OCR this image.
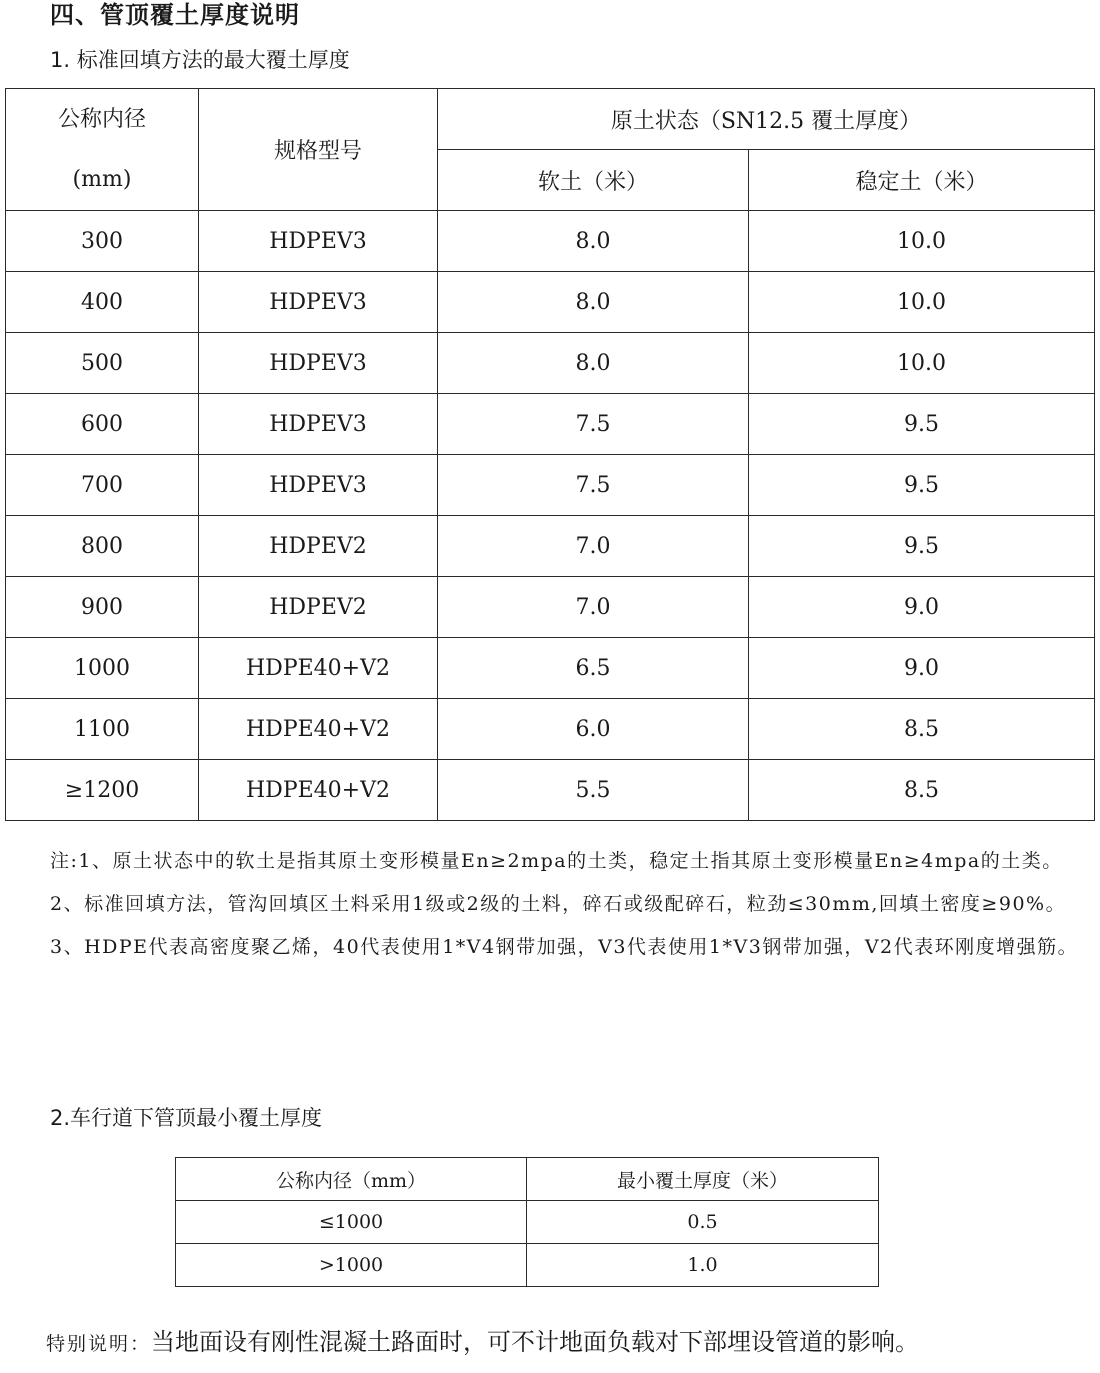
四、管顶覆土厚度说明
1. 标准回填方法的最大覆土厚度
公称内径
(mm)	规格型号	原土状态（SN12.5 覆土厚度）	
		软土（米）	稳定土（米）
300	HDPEV3	8.0	10.0
400	HDPEV3	8.0	10.0
500	HDPEV3	8.0	10.0
600	HDPEV3	7.5	9.5
700	HDPEV3	7.5	9.5
800	HDPEV2	7.0	9.5
900	HDPEV2	7.0	9.0
1000	HDPE40+V2	6.5	9.0
1100	HDPE40+V2	6.0	8.5
≥1200	HDPE40+V2	5.5	8.5

注:1、原土状态中的软土是指其原土变形模量En≥2mpa的土类，稳定土指其原土变形模量En≥4mpa的土类。

2、标准回填方法，管沟回填区土料采用1级或2级的土料，碎石或级配碎石，粒劲≤30mm,回填土密度≥90%。

3、HDPE代表高密度聚乙烯，40代表使用1*V4钢带加强，V3代表使用1*V3钢带加强，V2代表环刚度增强筋。

2.车行道下管顶最小覆土厚度
公称内径（mm）	最小覆土厚度（米）
≤1000	0.5
>1000	1.0
特别说明：当地面设有刚性混凝土路面时，可不计地面负载对下部埋设管道的影响。
